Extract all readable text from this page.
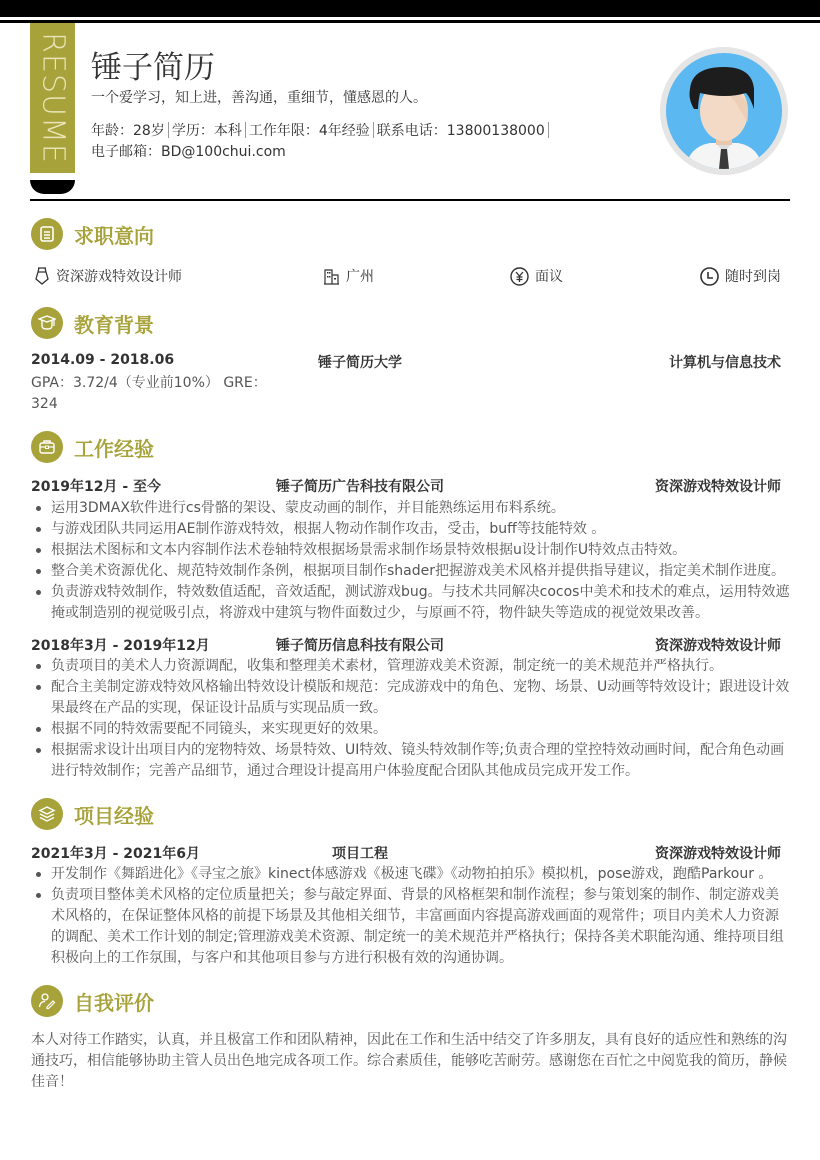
RESUME 锤子简历
一个爱学习，知上进，善沟通，重细节，懂感恩的人。
年龄：28岁 学历：本科 工作年限：4年经验 联系电话：13800138000
电子邮箱：BD@100chui.com
求职意向
资深游戏特效设计师	广州	面议	随时到岗
教育背景
2014.09 - 2018.06	锤子简历大学	计算机与信息技术
GPA：3.72/4（专业前10%） GRE：
324
工作经验
2019年12月 - 至今	锤子简历广告科技有限公司	资深游戏特效设计师
运用3DMAX软件进行cs骨骼的架设、蒙皮动画的制作，并目能熟练运用布料系统。
与游戏团队共同运用AE制作游戏特效，根据人物动作制作攻击，受击，buff等技能特效 。
根据法术图标和文本内容制作法术卷轴特效根据场景需求制作场景特效根据u设计制作U特效点击特效。
整合美术资源优化、规范特效制作条例，根据项目制作shader把握游戏美术风格并提供指导建议，指定美术制作进度。
负责游戏特效制作，特效数值适配，音效适配，测试游戏bug。与技术共同解决cocos中美术和技术的难点，运用特效遮掩或制造别的视觉吸引点，将游戏中建筑与物件面数过少，与原画不符，物件缺失等造成的视觉效果改善。
2018年3月 - 2019年12月	锤子简历信息科技有限公司	资深游戏特效设计师
负责项目的美术人力资源调配，收集和整理美术素材，管理游戏美术资源，制定统一的美术规范并严格执行。
配合主美制定游戏特效风格输出特效设计模版和规范：完成游戏中的角色、宠物、场景、U动画等特效设计；跟进设计效果最终在产品的实现，保证设计品质与实现品质一致。
根据不同的特效需要配不同镜头，来实现更好的效果。
根据需求设计出项目内的宠物特效、场景特效、UI特效、镜头特效制作等;负责合理的堂控特效动画时间，配合角色动画进行特效制作；完善产品细节，通过合理设计提高用户体验度配合团队其他成员完成开发工作。
项目经验
2021年3月 - 2021年6月	项目工程	资深游戏特效设计师
开发制作《舞蹈进化》《寻宝之旅》kinect体感游戏《极速飞碟》《动物拍拍乐》模拟机，pose游戏，跑酷Parkour 。
负责项目整体美术风格的定位质量把关；参与敲定界面、背景的风格框架和制作流程；参与策划案的制作、制定游戏美术风格的，在保证整体风格的前提下场景及其他相关细节，丰富画面内容提高游戏画面的观常件；项目内美术人力资源的调配、美术工作计划的制定;管理游戏美术资源、制定统一的美术规范并严格执行；保持各美术职能沟通、维持项目组积极向上的工作氛围，与客户和其他项目参与方进行积极有效的沟通协调。
自我评价
本人对待工作踏实，认真，并且极富工作和团队精神，因此在工作和生活中结交了许多朋友，具有良好的适应性和熟练的沟通技巧，相信能够协助主管人员出色地完成各项工作。综合素质佳，能够吃苦耐劳。感谢您在百忙之中阅览我的简历，静候佳音！
